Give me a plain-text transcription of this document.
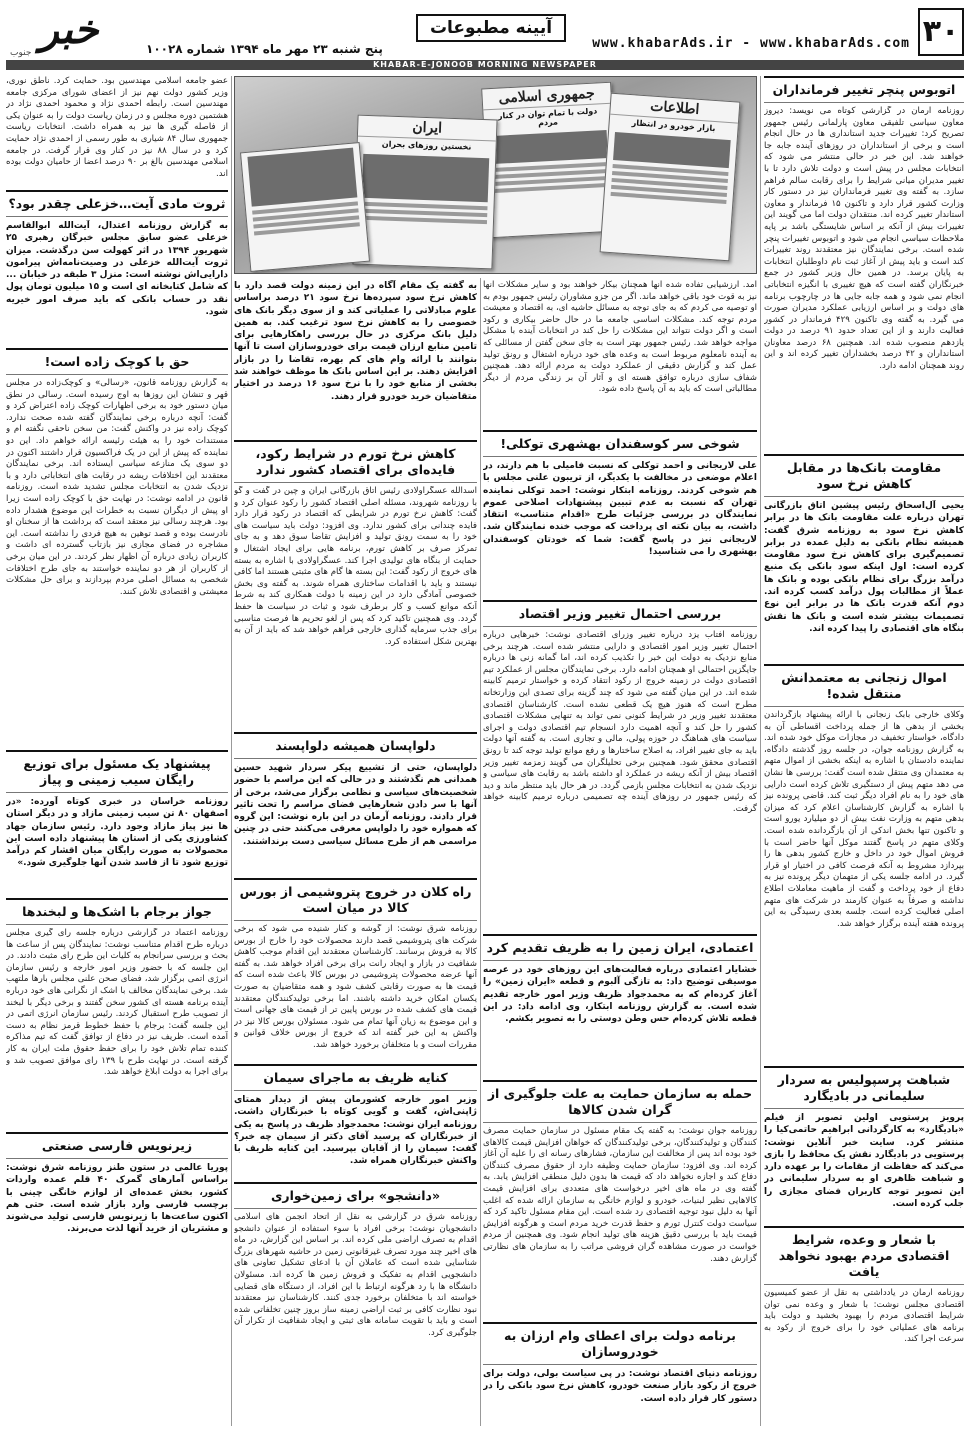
۳۰
www.khabarAds.ir - www.khabarAds.com
آیینه مطبوعات
پنج شنبه ۲۳ مهر ماه ۱۳۹۴ شماره ۱۰۰۲۸
خبر
جنوب
KHABAR-E-JONOOB MORNING NEWSPAPER
جمهوری اسلامی
دولت با تمام توان در کنار مردم
ایران
نخستین روزهای بحران
اطلاعات
بازار خودرو در انتظار
اتوبوس پنچر تغییر فرمانداران
روزنامه آرمان در گزارشی کوتاه می نویسد: دیروز معاون سیاسی تلفیقی معاون پارلمانی رئیس جمهور تصریح کرد: تغییرات جدید استانداری ها در حال انجام است و برخی از استانداران در روزهای آینده جابه جا خواهند شد. این خبر در حالی منتشر می شود که انتخابات مجلس در پیش است و دولت تلاش دارد تا با تغییر مدیران میانی شرایط را برای رقابت سالم فراهم سازد. به گفته وی تغییر فرمانداران نیز در دستور کار وزارت کشور قرار دارد و تاکنون ۱۵ فرماندار و معاون استاندار تغییر کرده اند. منتقدان دولت اما می گویند این تغییرات بیش از آنکه بر اساس شایستگی باشد بر پایه ملاحظات سیاسی انجام می شود و اتوبوس تغییرات پنچر شده است. برخی نمایندگان نیز معتقدند روند تغییرات کند است و باید پیش از آغاز ثبت نام داوطلبان انتخابات به پایان برسد. در همین حال وزیر کشور در جمع خبرنگاران گفته است که هیچ تغییری با انگیزه انتخاباتی انجام نمی شود و همه جابه جایی ها در چارچوب برنامه های دولت و بر اساس ارزیابی عملکرد مدیران صورت می گیرد. به گفته وی تاکنون ۴۲۹ فرماندار در کشور فعالیت دارند و از این تعداد حدود ۹۱ درصد در دولت یازدهم منصوب شده اند. همچنین ۶۸ درصد معاونان استانداران و ۴۲ درصد بخشداران تغییر کرده اند و این روند همچنان ادامه دارد.
مقاومت بانک‌ها در مقابل کاهش نرخ سود
یحیی آل‌اسحاق رئیس پیشین اتاق بازرگانی تهران درباره علت مقاومت بانک ها در برابر کاهش نرخ سود به روزنامه شرق گفت: همیشه نظام بانکی به دلیل عمده در برابر تصمیم‌گیری برای کاهش نرخ سود مقاومت کرده است: اول اینکه سود بانکی یک منبع درآمد بزرگ برای نظام بانکی بوده و بانک ها عملاً از مطالبات پول درآمد کسب کرده اند. دوم آنکه قدرت بانک ها در برابر این نوع تصمیمات بیشتر شده است و بانک ها نقش بنگاه های اقتصادی را پیدا کرده اند.
اموال زنجانی به معتمدانش منتقل شده!
وکلای خارجی بابک زنجانی با ارائه پیشنهاد بازگرداندن بخشی از بدهی ها از جمله پرداخت اقساطی آن به دادگاه، خواستار تخفیف در مجازات موکل خود شده اند. به گزارش روزنامه جوان، در جلسه روز گذشته دادگاه، نماینده دادستان با اشاره به اینکه بخشی از اموال متهم به معتمدان وی منتقل شده است گفت: بررسی ها نشان می دهد متهم پیش از دستگیری تلاش کرده است دارایی های خود را به نام افراد دیگر ثبت کند. قاضی پرونده نیز با اشاره به گزارش کارشناسان اعلام کرد که میزان بدهی متهم به وزارت نفت بیش از دو میلیارد یورو است و تاکنون تنها بخش اندکی از آن بازگردانده شده است. وکلای متهم در پاسخ گفتند موکل آنها حاضر است با فروش اموال خود در داخل و خارج کشور بدهی ها را بپردازد مشروط به آنکه فرصت کافی در اختیار او قرار گیرد. در ادامه جلسه یکی از متهمان دیگر پرونده نیز به دفاع از خود پرداخت و گفت از ماهیت معاملات اطلاع نداشته و صرفاً به عنوان کارمند در شرکت های متهم اصلی فعالیت کرده است. جلسه بعدی رسیدگی به این پرونده هفته آینده برگزار خواهد شد.
شباهت پرسپولیس به سردار سلیمانی در بادیگارد
پرویز پرستویی اولین تصویر از فیلم «بادیگارد» به کارگردانی ابراهیم حاتمی‌کیا را منتشر کرد. سایت خبر آنلاین نوشت: پرستویی در بادیگارد نقش یک محافظ را بازی می‌کند که حفاظت از مقامات را بر عهده دارد و شباهت ظاهری او به سردار سلیمانی در این تصویر توجه کاربران فضای مجازی را جلب کرده است.
با شعار و وعده، شرایط اقتصادی مردم بهبود نخواهد یافت
روزنامه آرمان در یادداشتی به نقل از عضو کمیسیون اقتصادی مجلس نوشت: با شعار و وعده نمی توان شرایط اقتصادی مردم را بهبود بخشید و دولت باید برنامه های عملیاتی خود را برای خروج از رکود به سرعت اجرا کند.
آمد. ارزشیابی تفاده شده آنها همچنان بیکار خواهند بود و سایر مشکلات آنها نیز به قوت خود باقی خواهد ماند. اگر من جزو مشاوران رئیس جمهور بودم به او توصیه می کردم که به جای توجه به مسائل حاشیه ای، به اقتصاد و معیشت مردم توجه کند. مشکلات اساسی جامعه ما در حال حاضر بیکاری و رکود است و اگر دولت نتواند این مشکلات را حل کند در انتخابات آینده با مشکل مواجه خواهد شد. رئیس جمهور بهتر است به جای سخن گفتن از مسائلی که به آینده نامعلوم مربوط است به وعده های خود درباره اشتغال و رونق تولید عمل کند و گزارش دقیقی از عملکرد دولت به مردم ارائه دهد. همچنین شفاف سازی درباره توافق هسته ای و آثار آن بر زندگی مردم از دیگر مطالباتی است که باید به آن پاسخ داده شود.
شوخی سر کوسفندان بهشهری توکلی!
علی لاریجانی و احمد توکلی که نسبت فامیلی با هم دارند، در اعلام موضعی در مخالفت با یکدیگر، از تریبون علنی مجلس با هم شوخی کردند. روزنامه ابتکار نوشت: احمد توکلی نماینده تهران که نسبت به عدم تبیین پیشنهادات اصلاحی عموم نمایندگان در بررسی جزئیات طرح «اقدام متناسب» انتقاد داشت، به بیان نکته ای پرداخت که موجب خنده نمایندگان شد. لاریجانی نیز در پاسخ گفت: شما که خودتان کوسفندان بهشهری را می شناسید!
بررسی احتمال تغییر وزیر اقتصاد
روزنامه آفتاب یزد درباره تغییر وزرای اقتصادی نوشت: خبرهایی درباره احتمال تغییر وزیر امور اقتصادی و دارایی منتشر شده است. هرچند برخی منابع نزدیک به دولت این خبر را تکذیب کرده اند، اما گمانه زنی ها درباره جایگزین احتمالی او همچنان ادامه دارد. برخی نمایندگان مجلس از عملکرد تیم اقتصادی دولت در زمینه خروج از رکود انتقاد کرده و خواستار ترمیم کابینه شده اند. در این میان گفته می شود که چند گزینه برای تصدی این وزارتخانه مطرح است که هنوز هیچ یک قطعی نشده است. کارشناسان اقتصادی معتقدند تغییر وزیر در شرایط کنونی نمی تواند به تنهایی مشکلات اقتصادی کشور را حل کند و آنچه اهمیت دارد انسجام تیم اقتصادی دولت و اجرای سیاست های هماهنگ در حوزه پولی، مالی و تجاری است. به گفته آنها دولت باید به جای تغییر افراد، به اصلاح ساختارها و رفع موانع تولید توجه کند تا رونق اقتصادی محقق شود. همچنین برخی تحلیلگران می گویند زمزمه تغییر وزیر اقتصاد بیش از آنکه ریشه در عملکرد او داشته باشد به رقابت های سیاسی و نزدیک شدن به انتخابات مجلس بازمی گردد. در هر حال باید منتظر ماند و دید که رئیس جمهور در روزهای آینده چه تصمیمی درباره ترمیم کابینه خواهد گرفت.
اعتمادی، ایران زمین را به ظریف تقدیم کرد
خشایار اعتمادی درباره فعالیت‌های این روزهای خود در عرصه موسیقی توضیح داد: به تازگی آلبوم و قطعه «ایران زمین» را آغاز کرده‌ام که به محمدجواد ظریف وزیر امور خارجه تقدیم شده است. به گزارش روزنامه ابتکار، وی ادامه داد: در این قطعه تلاش کرده‌ام حس وطن دوستی را به تصویر بکشم.
حمله به سازمان حمایت به علت جلوگیری از گران شدن کالاها
روزنامه جوان نوشت: به گفته یک مقام مسئول در سازمان حمایت مصرف کنندگان و تولیدکنندگان، برخی تولیدکنندگان که خواهان افزایش قیمت کالاهای خود بوده اند پس از مخالفت این سازمان، فشارهای رسانه ای را علیه آن آغاز کرده اند. وی افزود: سازمان حمایت وظیفه دارد از حقوق مصرف کنندگان دفاع کند و اجازه نخواهد داد که قیمت ها بدون دلیل منطقی افزایش یابد. به گفته وی در ماه های اخیر درخواست های متعددی برای افزایش قیمت کالاهایی نظیر لبنیات، خودرو و لوازم خانگی به سازمان ارائه شده که اغلب آنها به دلیل نبود توجیه اقتصادی رد شده است. این مقام مسئول تاکید کرد که سیاست دولت کنترل تورم و حفظ قدرت خرید مردم است و هرگونه افزایش قیمت باید با بررسی دقیق هزینه های تولید انجام شود. وی همچنین از مردم خواست در صورت مشاهده گران فروشی مراتب را به سازمان های نظارتی گزارش دهند.
برنامه دولت برای اعطای وام ارزان به خودروسازان
روزنامه دنیای اقتصاد نوشت: در پی سیاست بولی، دولت برای خروج از رکود بازار صنعت خودرو، کاهش نرخ سود بانکی را در دستور کار قرار داده است.
به گفته یک مقام آگاه در این زمینه دولت قصد دارد با کاهش نرخ سود سپرده‌ها نرخ سود ۲۱ درصد براساس علوم مبادلاتی را عملیاتی کند و از سوی دیگر بانک های خصوصی را به کاهش نرخ سود ترغیب کند. به همین دلیل بانک مرکزی در حال بررسی راهکارهایی برای تامین منابع ارزان قیمت برای خودروسازان است تا آنها بتوانند با ارائه وام های کم بهره، تقاضا را در بازار افزایش دهند. بر این اساس بانک ها موظف خواهند شد بخشی از منابع خود را با نرخ سود ۱۶ درصد در اختیار متقاضیان خرید خودرو قرار دهند.
کاهش نرخ تورم در شرایط رکود، فایده‌ای برای اقتصاد کشور ندارد
اسدالله عسگراولادی رئیس اتاق بازرگانی ایران و چین در گفت و گو با روزنامه شهروند، مسئله اصلی اقتصاد کشور را رکود عنوان کرد و گفت: کاهش نرخ تورم در شرایطی که اقتصاد در رکود قرار دارد فایده چندانی برای کشور ندارد. وی افزود: دولت باید سیاست های خود را به سمت رونق تولید و افزایش تقاضا سوق دهد و به جای تمرکز صرف بر کاهش تورم، برنامه هایی برای ایجاد اشتغال و حمایت از بنگاه های تولیدی اجرا کند. عسگراولادی با اشاره به بسته های خروج از رکود گفت: این بسته ها گام های مثبتی هستند اما کافی نیستند و باید با اقدامات ساختاری همراه شوند. به گفته وی بخش خصوصی آمادگی دارد در این زمینه با دولت همکاری کند به شرط آنکه موانع کسب و کار برطرف شود و ثبات در سیاست ها حفظ گردد. وی همچنین تاکید کرد که پس از لغو تحریم ها فرصت مناسبی برای جذب سرمایه گذاری خارجی فراهم خواهد شد که باید از آن به بهترین شکل استفاده کرد.
دلواپسان همیشه دلواپسند
دلواپسان، حتی از تشییع پیکر سردار شهید حسین همدانی هم نگذشتند و در حالی که این مراسم با حضور شخصیت‌های سیاسی و نظامی برگزار می‌شد، برخی از آنها با سر دادن شعارهایی فضای مراسم را تحت تاثیر قرار دادند. روزنامه آرمان در این باره نوشت: این گروه که همواره خود را دلواپس معرفی می‌کنند حتی در چنین مراسمی هم از طرح مسائل سیاسی دست برنداشتند.
راه کلان در خروج پتروشیمی از بورس کالا در میان است
روزنامه شرق نوشت: از گوشه و کنار شنیده می شود که برخی شرکت های پتروشیمی قصد دارند محصولات خود را خارج از بورس کالا به فروش برسانند. کارشناسان معتقدند این اقدام موجب کاهش شفافیت در بازار و ایجاد رانت برای برخی افراد خواهد شد. به گفته آنها عرضه محصولات پتروشیمی در بورس کالا باعث شده است که قیمت ها به صورت رقابتی کشف شود و همه متقاضیان به صورت یکسان امکان خرید داشته باشند. اما برخی تولیدکنندگان معتقدند قیمت های کشف شده در بورس پایین تر از قیمت های جهانی است و این موضوع به زیان آنها تمام می شود. مسئولان بورس کالا نیز در واکنش به این خبر گفته اند که خروج از بورس خلاف قوانین و مقررات است و با متخلفان برخورد خواهد شد.
کنایه ظریف به ماجرای سیمان
وزیر امور خارجه کشورمان پیش از دیدار همتای ژاپنی‌اش، گفت و گویی کوتاه با خبرنگاران داشت. روزنامه ایران نوشت: محمدجواد ظریف در پاسخ به یکی از خبرنگاران که پرسید آقای دکتر از سیمان چه خبر؟ گفت: سیمان را از آقایان بپرسید. این کنایه ظریف با واکنش خبرنگاران همراه شد.
«دانشجو» برای زمین‌خواری
روزنامه شرق در گزارشی به نقل از اتحاد انجمن های اسلامی دانشجویان نوشت: برخی افراد با سوء استفاده از عنوان دانشجو اقدام به تصرف اراضی ملی کرده اند. بر اساس این گزارش، در ماه های اخیر چند مورد تصرف غیرقانونی زمین در حاشیه شهرهای بزرگ شناسایی شده است که عاملان آن با ادعای تشکیل تعاونی های دانشجویی اقدام به تفکیک و فروش زمین ها کرده اند. مسئولان دانشگاه ها با رد هرگونه ارتباط با این افراد، از دستگاه های قضایی خواسته اند با متخلفان برخورد جدی کنند. کارشناسان نیز معتقدند نبود نظارت کافی بر ثبت اراضی زمینه ساز بروز چنین تخلفاتی شده است و باید با تقویت سامانه های ثبتی و ایجاد شفافیت از تکرار آن جلوگیری کرد.
عضو جامعه اسلامی مهندسین بود. حمایت کرد. ناطق نوری، وزیر کشور دولت نهم نیز از اعضای شورای مرکزی جامعه مهندسین است. رابطه احمدی نژاد و محمود احمدی نژاد در هشتمین دوره مجلس و در زمان ریاست دولت را به عنوان یکی از فاصله گیری ها نیز به همراه داشت. انتخابات ریاست جمهوری سال ۸۴ شیاری به طور رسمی از احمدی نژاد حمایت کرد و در سال ۸۸ نیز در کنار وی قرار گرفت. در جامعه اسلامی مهندسین بالغ بر ۹۰ درصد اعضا از حامیان دولت بوده اند.
ثروت مادی آیت…خزعلی چقدر بود؟
به گزارش روزنامه اعتدال، آیت‌الله ابوالقاسم خزعلی عضو سابق مجلس خبرگان رهبری ۲۵ شهریور ۱۳۹۴ در اثر کهولت سن درگذشت. میزان ثروت آیت‌الله خزعلی در وصیت‌نامه‌اش پیرامون دارایی‌اش نوشته است: منزل ۳ طبقه در خیابان ... که شامل کتابخانه ای است و ۱۵ میلیون تومان پول نقد در حساب بانکی که باید صرف امور خیریه شود.
حق با کوچک زاده است!
به گزارش روزنامه قانون، «رسالی» و کوچک‌زاده در مجلس قهر و تنشان این روزها به اوج رسیده است. رسالی در نطق میان دستور خود به برخی اظهارات کوچک زاده اعتراض کرد و گفت: آنچه درباره برخی نمایندگان گفته شده صحت ندارد. کوچک زاده نیز در واکنش گفت: من سخن ناحقی نگفته ام و مستندات خود را به هیئت رئیسه ارائه خواهم داد. این دو نماینده که پیش از این در یک فراکسیون قرار داشتند اکنون در دو سوی یک منازعه سیاسی ایستاده اند. برخی نمایندگان معتقدند این اختلافات ریشه در رقابت های انتخاباتی دارد و با نزدیک شدن به انتخابات مجلس تشدید شده است. روزنامه قانون در ادامه نوشت: در نهایت حق با کوچک زاده است زیرا او پیش از دیگران نسبت به خطرات این موضوع هشدار داده بود. هرچند رسالی نیز معتقد است که برداشت ها از سخنان او نادرست بوده و قصد توهین به هیچ فردی را نداشته است. این مشاجره در فضای مجازی نیز بازتاب گسترده ای داشت و کاربران زیادی درباره آن اظهار نظر کردند. در این میان برخی از کاربران از هر دو نماینده خواستند به جای طرح اختلافات شخصی به مسائل اصلی مردم بپردازند و برای حل مشکلات معیشتی و اقتصادی تلاش کنند.
پیشنهاد یک مسئول برای توزیع رایگان سیب زمینی و پیاز
روزنامه خراسان در خبری کوتاه آورده: «در اصفهان ۸۰ تن سیب زمینی مازاد و در دیگر استان ها نیز پیاز مازاد وجود دارد. رئیس سازمان جهاد کشاورزی یکی از استان ها پیشنهاد داده است این محصولات به صورت رایگان میان اقشار کم درآمد توزیع شود تا از فاسد شدن آنها جلوگیری شود.»
جواز برجام با اشک‌ها و لبخندها
روزنامه اعتماد در گزارشی درباره جلسه رای گیری مجلس درباره طرح اقدام متناسب نوشت: نمایندگان پس از ساعت ها بحث و بررسی سرانجام به کلیات این طرح رای مثبت دادند. در این جلسه که با حضور وزیر امور خارجه و رئیس سازمان انرژی اتمی برگزار شد، فضای صحن علنی مجلس بارها ملتهب شد. برخی نمایندگان مخالف با اشک از نگرانی های خود درباره آینده برنامه هسته ای کشور سخن گفتند و برخی دیگر با لبخند از تصویب طرح استقبال کردند. رئیس سازمان انرژی اتمی در این جلسه گفت: برجام با حفظ خطوط قرمز نظام به دست آمده است. ظریف نیز در دفاع از توافق گفت که تیم مذاکره کننده تمام تلاش خود را برای حفظ حقوق ملت ایران به کار گرفته است. در نهایت طرح با ۱۳۹ رای موافق تصویب شد و برای اجرا به دولت ابلاغ خواهد شد.
زیرنویس فارسی صنعتی
پوریا عالمی در ستون طنز روزنامه شرق نوشت: براساس آمارهای گمرک ۴۰ قلم عمده واردات کشور، بخش عمده‌ای از لوازم خانگی چینی با برچسب فارسی وارد بازار شده است. حتی هم اکنون ساعت‌ها با زیرنویس فارسی تولید می‌شوند و مشتریان از خرید آنها لذت می‌برند.
